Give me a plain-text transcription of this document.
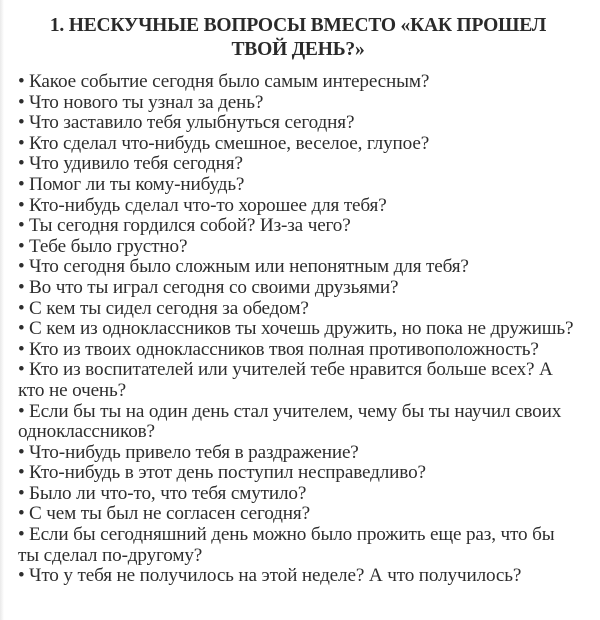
1. НЕСКУЧНЫЕ ВОПРОСЫ ВМЕСТО «КАК ПРОШЕЛ ТВОЙ ДЕНЬ?»
• Какое событие сегодня было самым интересным?
• Что нового ты узнал за день?
• Что заставило тебя улыбнуться сегодня?
• Кто сделал что-нибудь смешное, веселое, глупое?
• Что удивило тебя сегодня?
• Помог ли ты кому-нибудь?
• Кто-нибудь сделал что-то хорошее для тебя?
• Ты сегодня гордился собой? Из-за чего?
• Тебе было грустно?
• Что сегодня было сложным или непонятным для тебя?
• Во что ты играл сегодня со своими друзьями?
• С кем ты сидел сегодня за обедом?
• С кем из одноклассников ты хочешь дружить, но пока не дружишь?
• Кто из твоих одноклассников твоя полная противоположность?
• Кто из воспитателей или учителей тебе нравится больше всех? А кто не очень?
• Если бы ты на один день стал учителем, чему бы ты научил своих одноклассников?
• Что-нибудь привело тебя в раздражение?
• Кто-нибудь в этот день поступил несправедливо?
• Было ли что-то, что тебя смутило?
• С чем ты был не согласен сегодня?
• Если бы сегодняшний день можно было прожить еще раз, что бы ты сделал по-другому?
• Что у тебя не получилось на этой неделе? А что получилось?
